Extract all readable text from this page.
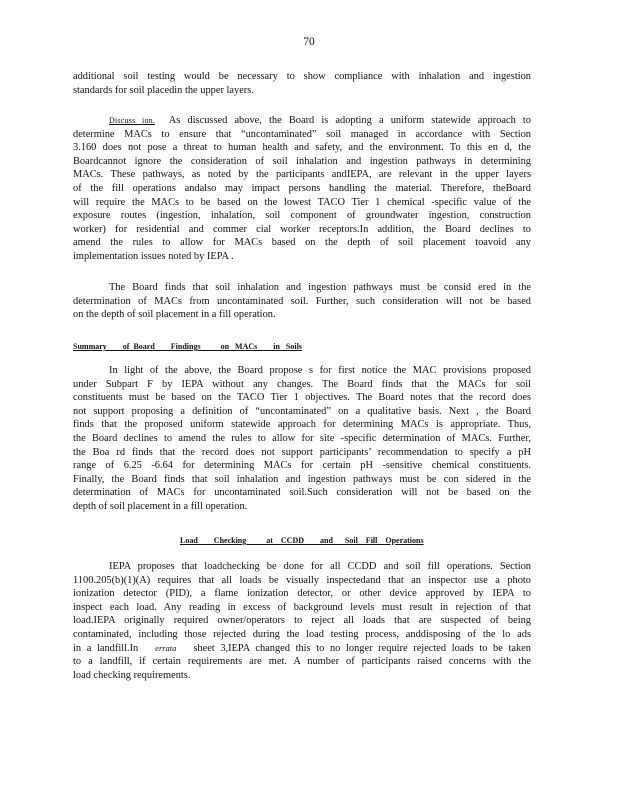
70
additional soil testing would be necessary to show compliance with inhalation and ingestion
standards for soil placedin the upper layers.
Discuss ion. As discussed above, the Board is adopting a uniform statewide approach to
determine MACs to ensure that “uncontaminated” soil managed in accordance with Section
3.160 does not pose a threat to human health and safety, and the environment. To this en d, the
Boardcannot ignore the consideration of soil inhalation and ingestion pathways in determining
MACs. These pathways, as noted by the participants andIEPA, are relevant in the upper layers
of the fill operations andalso may impact persons handling the material. Therefore, theBoard
will require the MACs to be based on the lowest TACO Tier 1 chemical -specific value of the
exposure routes (ingestion, inhalation, soil component of groundwater ingestion, construction
worker) for residential and commer cial worker receptors.In addition, the Board declines to
amend the rules to allow for MACs based on the depth of soil placement toavoid any
implementation issues noted by IEPA .
The Board finds that soil inhalation and ingestion pathways must be consid ered in the
determination of MACs from uncontaminated soil. Further, such consideration will not be based
on the depth of soil placement in a fill operation.
Summary        of  Board        Findings          on   MACs        in   Soils
In light of the above, the Board propose s for first notice the MAC provisions proposed
under Subpart F by IEPA without any changes. The Board finds that the MACs for soil
constituents must be based on the TACO Tier 1 objectives. The Board notes that the record does
not support proposing a definition of “uncontaminated” on a qualitative basis. Next , the Board
finds that the proposed uniform statewide approach for determining MACs is appropriate. Thus,
the Board declines to amend the rules to allow for site -specific determination of MACs. Further,
the Boa rd finds that the record does not support participants’ recommendation to specify a pH
range of 6.25 -6.64 for determining MACs for certain pH -sensitive chemical constituents.
Finally, the Board finds that soil inhalation and ingestion pathways must be con sidered in the
determination of MACs for uncontaminated soil.Such consideration will not be based on the
depth of soil placement in a fill operation.
Load        Checking          at    CCDD        and      Soil    Fill    Operations
IEPA proposes that loadchecking be done for all CCDD and soil fill operations. Section
1100.205(b)(1)(A) requires that all loads be visually inspectedand that an inspector use a photo
ionization detector (PID), a flame ionization detector, or other device approved by IEPA to
inspect each load. Any reading in excess of background levels must result in rejection of that
load.IEPA originally required owner/operators to reject all loads that are suspected of being
contaminated, including those rejected during the load testing process, anddisposing of the lo ads
in a landfill.In errata sheet 3,IEPA changed this to no longer require rejected loads to be taken
to a landfill, if certain requirements are met. A number of participants raised concerns with the
load checking requirements.
